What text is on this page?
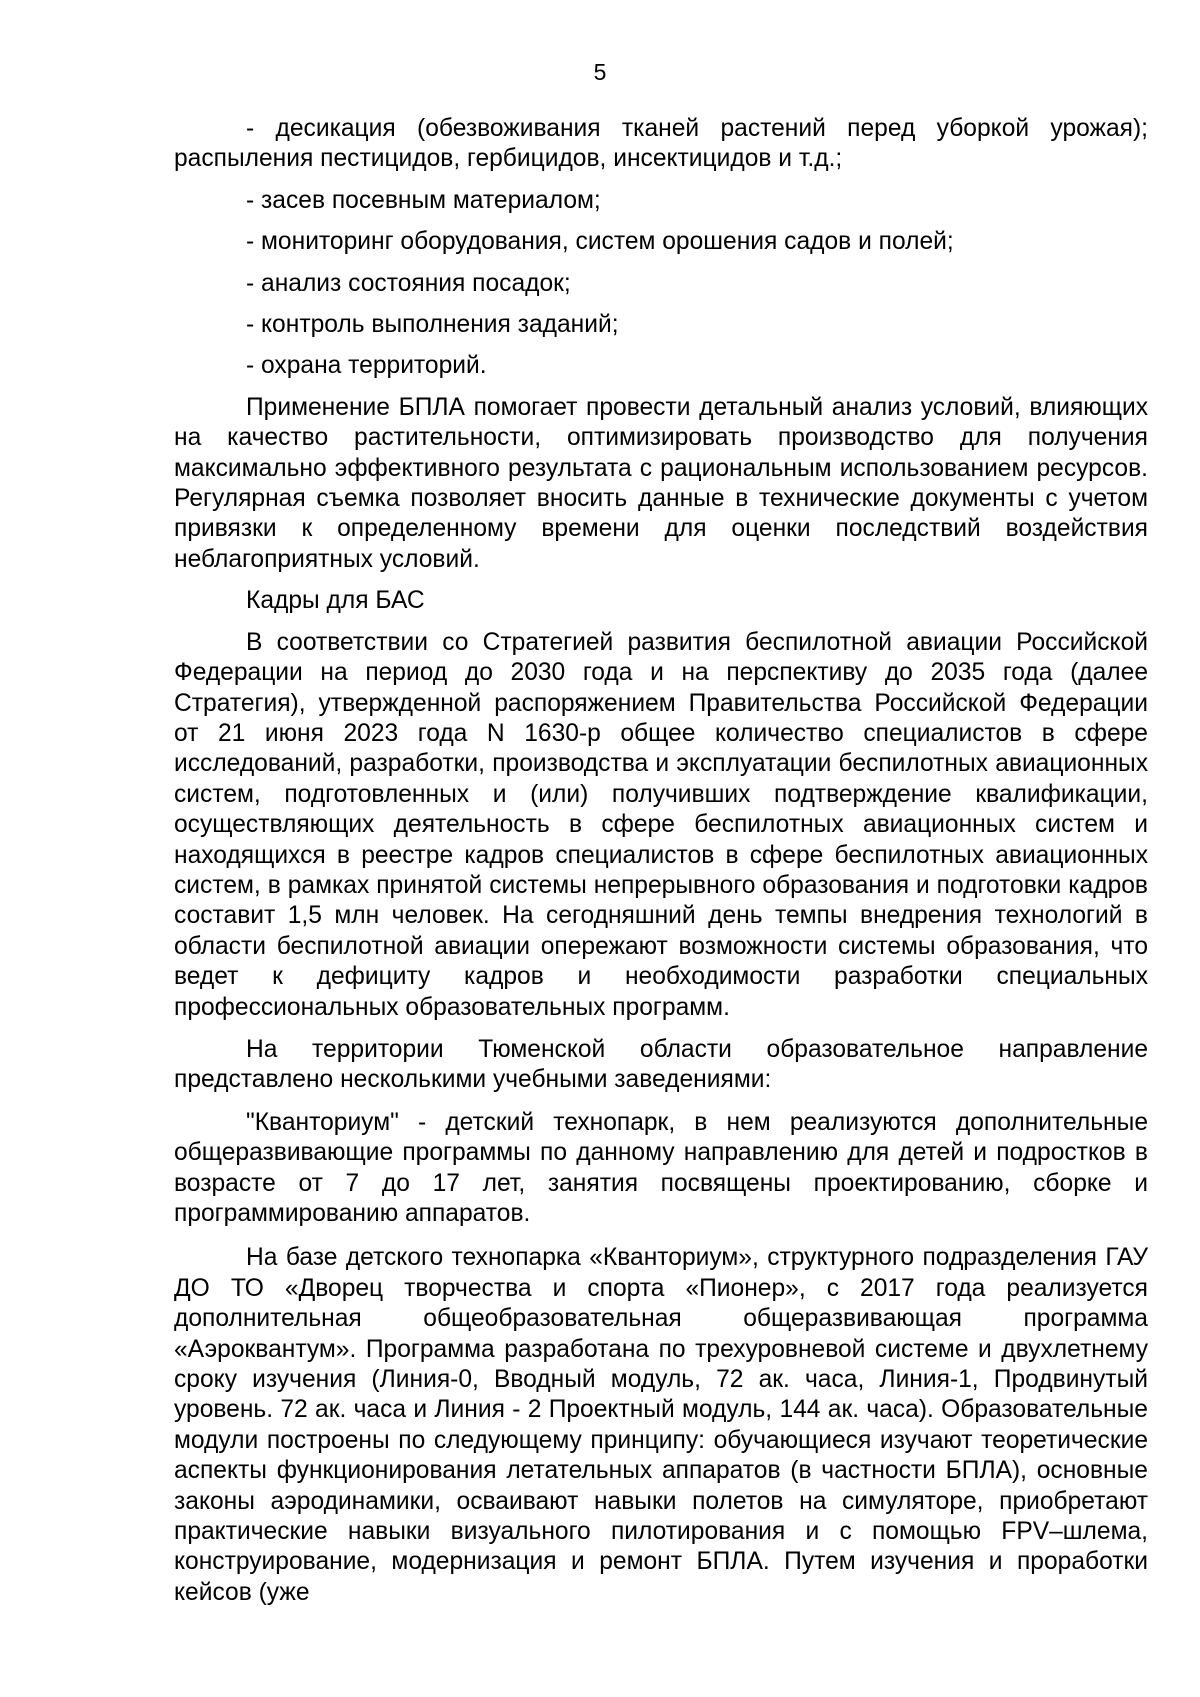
5

- десикация (обезвоживания тканей растений перед уборкой урожая); распыления пестицидов, гербицидов, инсектицидов и т.д.;

- засев посевным материалом;

- мониторинг оборудования, систем орошения садов и полей;

- анализ состояния посадок;

- контроль выполнения заданий;

- охрана территорий.

Применение БПЛА помогает провести детальный анализ условий, влияющих на качество растительности, оптимизировать производство для получения максимально эффективного результата с рациональным использованием ресурсов. Регулярная съемка позволяет вносить данные в технические документы с учетом привязки к определенному времени для оценки последствий воздействия неблагоприятных условий.

Кадры для БАС

В соответствии со Стратегией развития беспилотной авиации Российской Федерации на период до 2030 года и на перспективу до 2035 года (далее Стратегия), утвержденной распоряжением Правительства Российской Федерации от 21 июня 2023 года N 1630-р общее количество специалистов в сфере исследований, разработки, производства и эксплуатации беспилотных авиационных систем, подготовленных и (или) получивших подтверждение квалификации, осуществляющих деятельность в сфере беспилотных авиационных систем и находящихся в реестре кадров специалистов в сфере беспилотных авиационных систем, в рамках принятой системы непрерывного образования и подготовки кадров составит 1,5 млн человек. На сегодняшний день темпы внедрения технологий в области беспилотной авиации опережают возможности системы образования, что ведет к дефициту кадров и необходимости разработки специальных профессиональных образовательных программ.

На территории Тюменской области образовательное направление представлено несколькими учебными заведениями:

"Кванториум" - детский технопарк, в нем реализуются дополнительные общеразвивающие программы по данному направлению для детей и подростков в возрасте от 7 до 17 лет, занятия посвящены проектированию, сборке и программированию аппаратов.

На базе детского технопарка «Кванториум», структурного подразделения ГАУ ДО ТО «Дворец творчества и спорта «Пионер», с 2017 года реализуется дополнительная общеобразовательная общеразвивающая программа «Аэроквантум». Программа разработана по трехуровневой системе и двухлетнему сроку изучения (Линия-0, Вводный модуль, 72 ак. часа, Линия-1, Продвинутый уровень. 72 ак. часа и Линия - 2 Проектный модуль, 144 ак. часа). Образовательные модули построены по следующему принципу: обучающиеся изучают теоретические аспекты функционирования летательных аппаратов (в частности БПЛА), основные законы аэродинамики, осваивают навыки полетов на симуляторе, приобретают практические навыки визуального пилотирования и с помощью FPV–шлема, конструирование, модернизация и ремонт БПЛА. Путем изучения и проработки кейсов (уже
